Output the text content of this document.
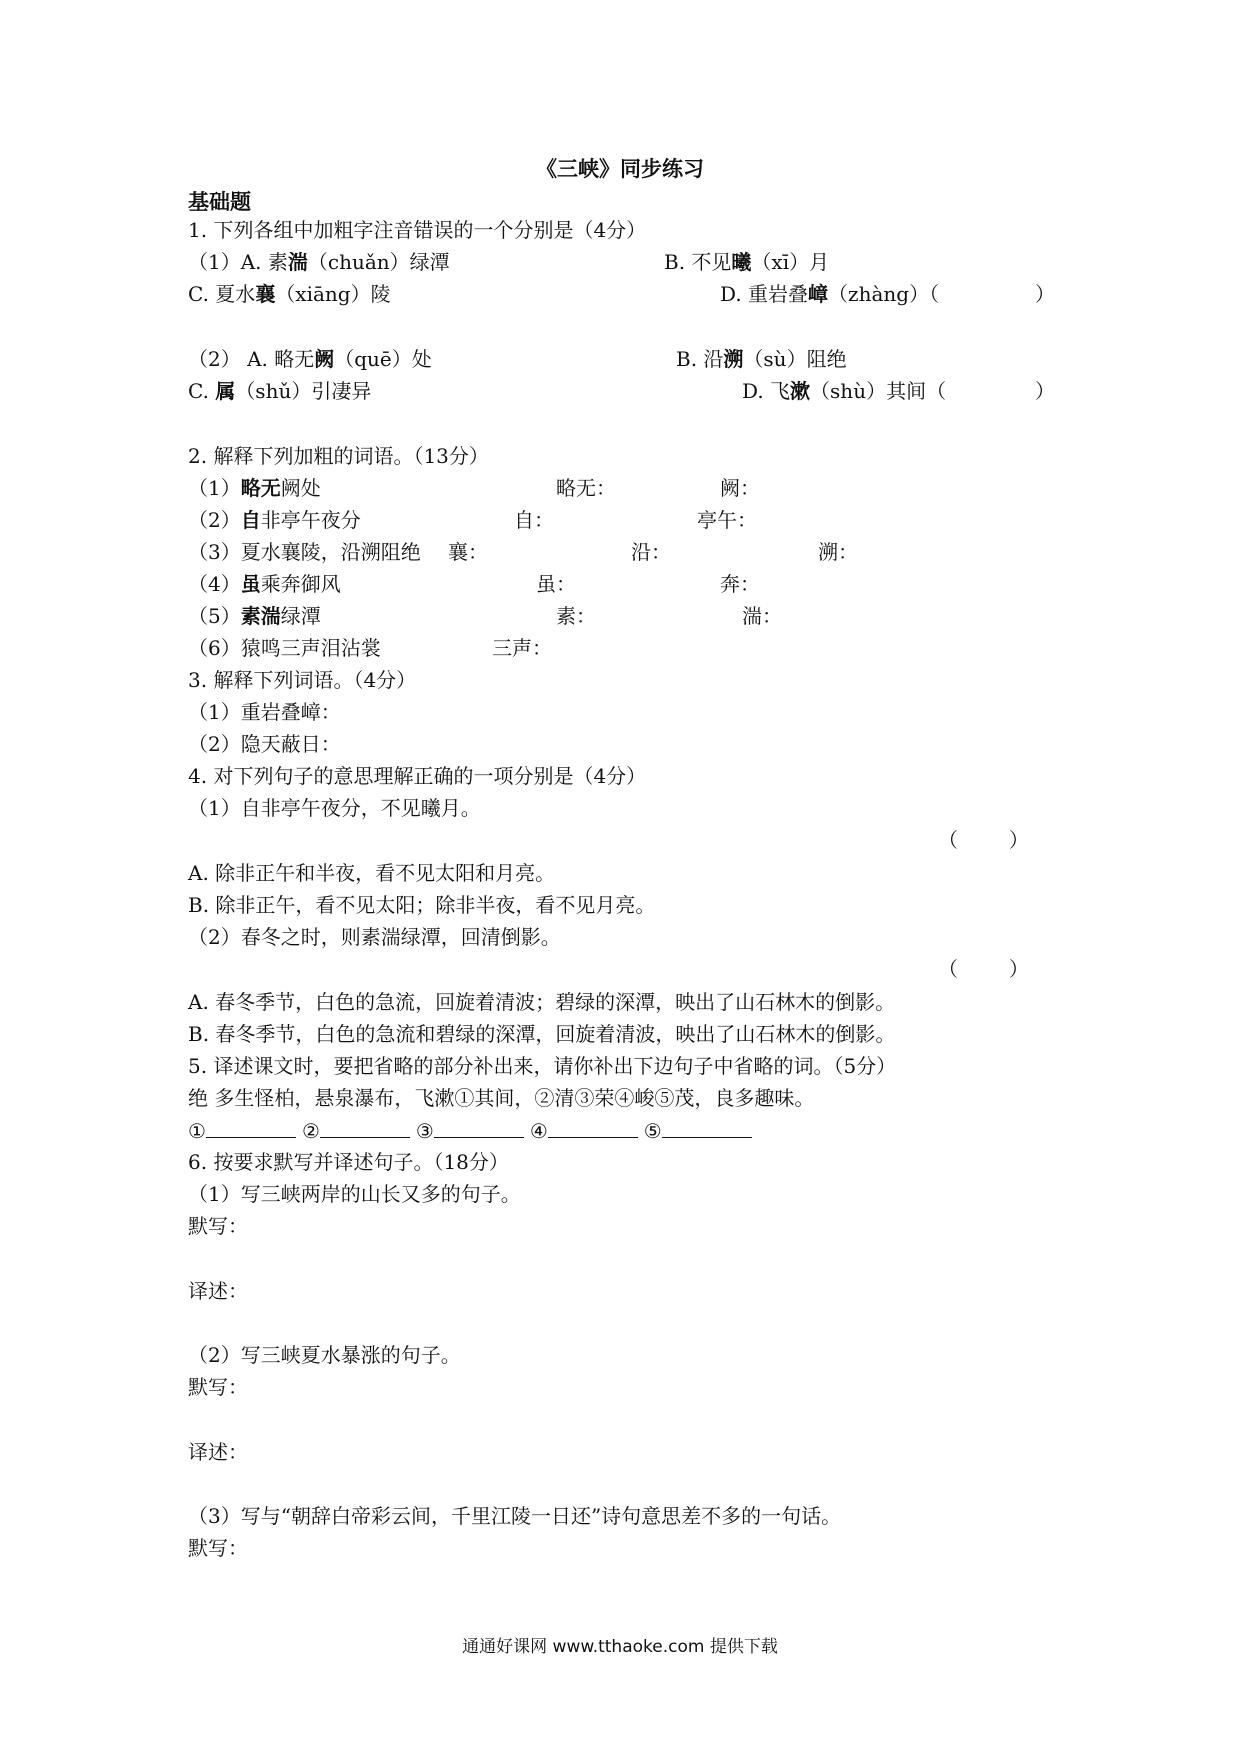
《三峡》同步练习
基础题
1. 下列各组中加粗字注音错误的一个分别是（4分）
（1）A. 素湍（chuǎn）绿潭	B. 不见曦（xī）月
C. 夏水襄（xiāng）陵	D. 重岩叠嶂（zhàng）（	）
（2） A. 略无阙（quē）处	B. 沿溯（sù）阻绝
C. 属（shǔ）引凄异	D. 飞漱（shù）其间（	）
2. 解释下列加粗的词语。（13分）
（1）略无阙处	略无：	阙：
（2）自非亭午夜分	自：	亭午：
（3）夏水襄陵，沿溯阻绝 襄：	沿：	溯：
（4）虽乘奔御风	虽：	奔：
（5）素湍绿潭	素：	湍：
（6）猿鸣三声泪沾裳	三声：
3. 解释下列词语。（4分）
（1）重岩叠嶂：
（2）隐天蔽日：
4. 对下列句子的意思理解正确的一项分别是（4分）
（1）自非亭午夜分，不见曦月。
（        ）
A. 除非正午和半夜，看不见太阳和月亮。
B. 除非正午，看不见太阳；除非半夜，看不见月亮。
（2）春冬之时，则素湍绿潭，回清倒影。
（        ）
A. 春冬季节，白色的急流，回旋着清波；碧绿的深潭，映出了山石林木的倒影。
B. 春冬季节，白色的急流和碧绿的深潭，回旋着清波，映出了山石林木的倒影。
5. 译述课文时，要把省略的部分补出来，请你补出下边句子中省略的词。（5分）
绝 多生怪柏，悬泉瀑布，飞漱①其间，②清③荣④峻⑤茂，良多趣味。
①	②	③	④	⑤
6. 按要求默写并译述句子。（18分）
（1）写三峡两岸的山长又多的句子。
默写：
译述：
（2）写三峡夏水暴涨的句子。
默写：
译述：
（3）写与“朝辞白帝彩云间，千里江陵一日还”诗句意思差不多的一句话。
默写：
通通好课网 www.tthaoke.com 提供下载
